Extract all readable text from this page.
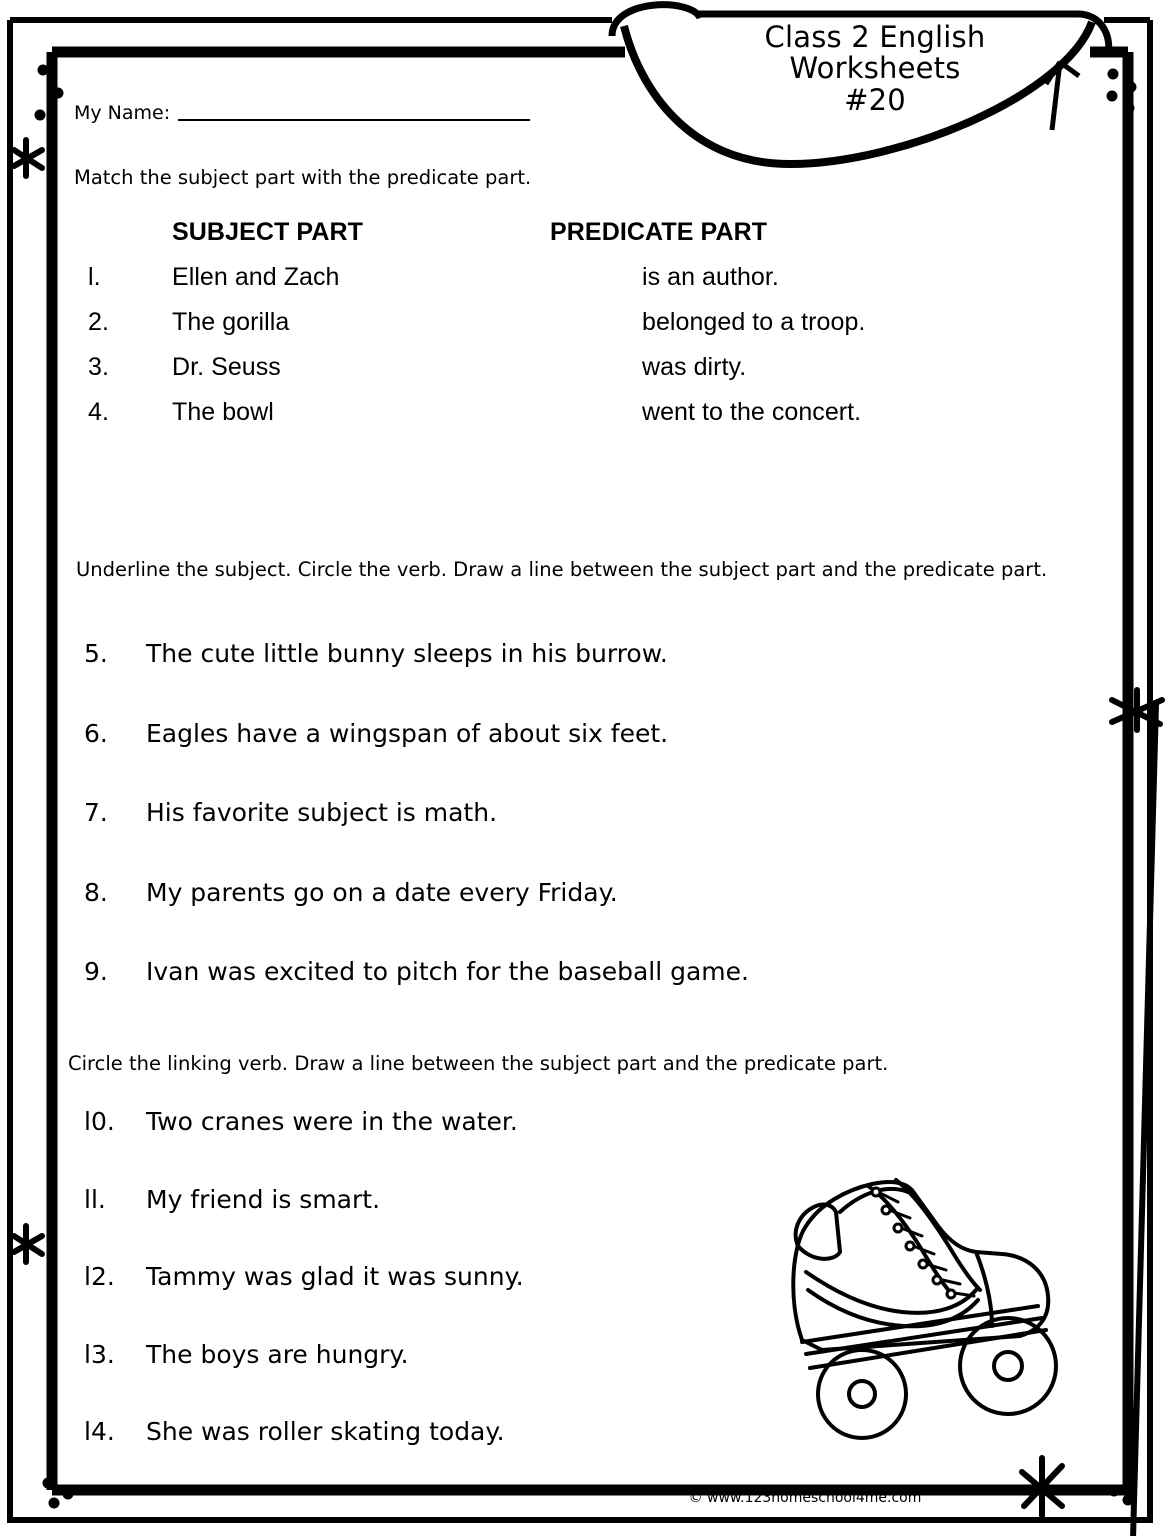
Class 2 English
Worksheets
#20
My Name:
Match the subject part with the predicate part.
SUBJECT PART	PREDICATE PART
l.	Ellen and Zach	is an author.
2.	The gorilla	belonged to a troop.
3.	Dr. Seuss	was dirty.
4.	The bowl	went to the concert.
Underline the subject. Circle the verb. Draw a line between the subject part and the predicate part.
5.	The cute little bunny sleeps in his burrow.
6.	Eagles have a wingspan of about six feet.
7.	His favorite subject is math.
8.	My parents go on a date every Friday.
9.	Ivan was excited to pitch for the baseball game.
Circle the linking verb. Draw a line between the subject part and the predicate part.
l0.	Two cranes were in the water.
ll.	My friend is smart.
l2.	Tammy was glad it was sunny.
l3.	The boys are hungry.
l4.	She was roller skating today.
© www.123homeschool4me.com
